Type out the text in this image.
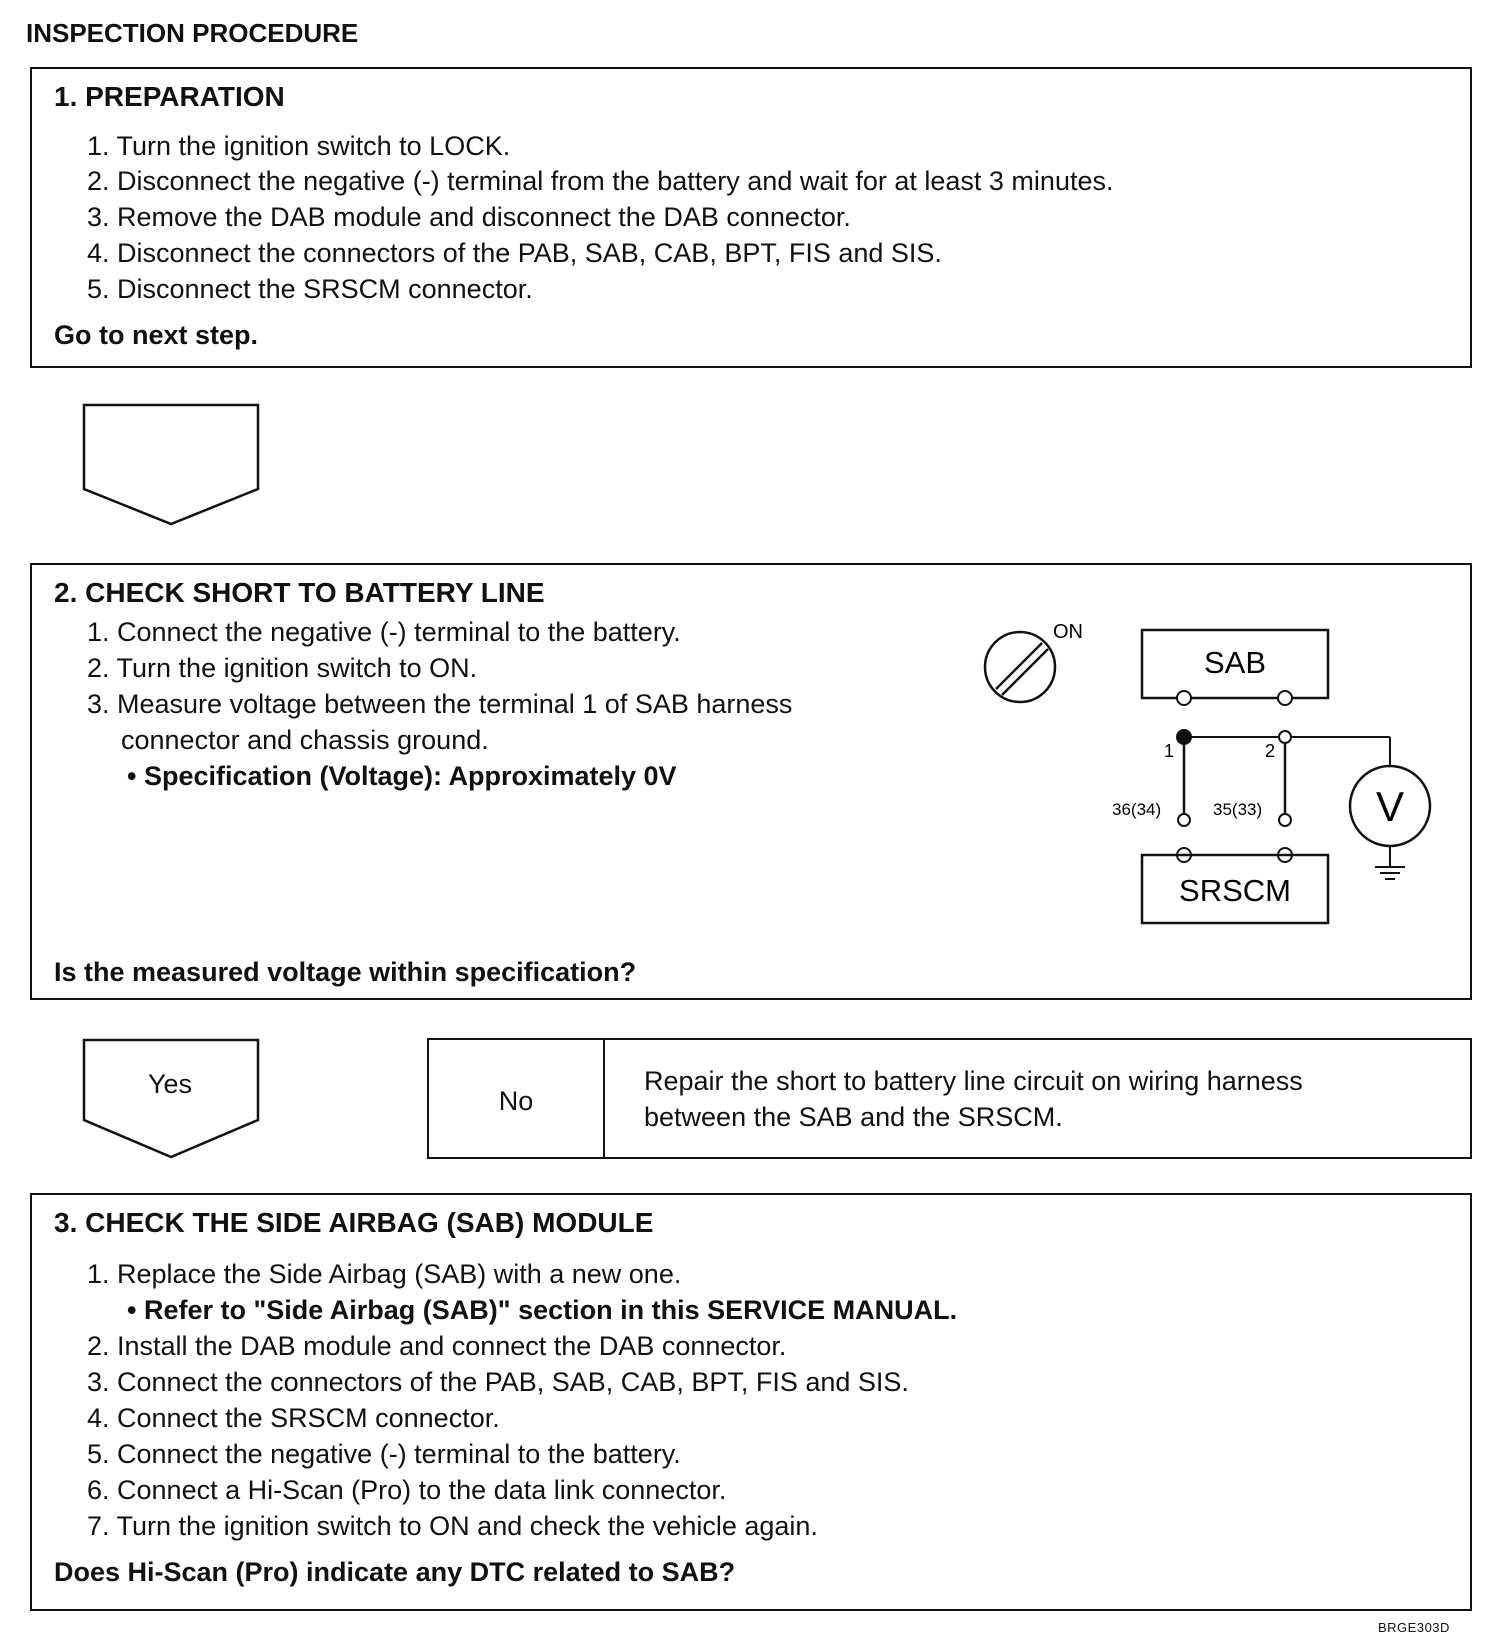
INSPECTION PROCEDURE
1. PREPARATION
1. Turn the ignition switch to LOCK.
2. Disconnect the negative (-) terminal from the battery and wait for at least 3 minutes.
3. Remove the DAB module and disconnect the DAB connector.
4. Disconnect the connectors of the PAB, SAB, CAB, BPT, FIS and SIS.
5. Disconnect the SRSCM connector.
Go to next step.
2. CHECK SHORT TO BATTERY LINE
1. Connect the negative (-) terminal to the battery.
2. Turn the ignition switch to ON.
3. Measure voltage between the terminal 1 of SAB harness
connector and chassis ground.
• Specification (Voltage): Approximately 0V
Is the measured voltage within specification?
ON
SAB
1	2
36(34)	35(33)	V
SRSCM
Yes
No
Repair the short to battery line circuit on wiring harness
between the SAB and the SRSCM.
3. CHECK THE SIDE AIRBAG (SAB) MODULE
1. Replace the Side Airbag (SAB) with a new one.
• Refer to "Side Airbag (SAB)" section in this SERVICE MANUAL.
2. Install the DAB module and connect the DAB connector.
3. Connect the connectors of the PAB, SAB, CAB, BPT, FIS and SIS.
4. Connect the SRSCM connector.
5. Connect the negative (-) terminal to the battery.
6. Connect a Hi-Scan (Pro) to the data link connector.
7. Turn the ignition switch to ON and check the vehicle again.
Does Hi-Scan (Pro) indicate any DTC related to SAB?
BRGE303D
